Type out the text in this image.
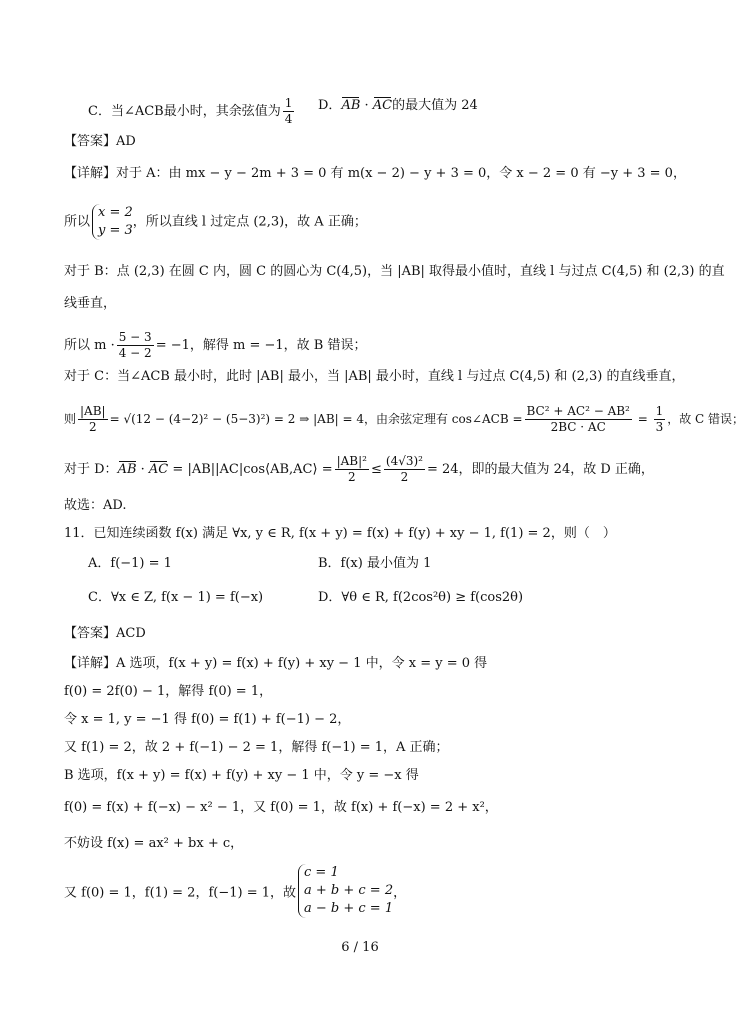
C．当∠ACB最小时，其余弦值为 $\frac{1}{4}$ D．AB · AC的最大值为 24
【答案】AD
【详解】对于 A：由 mx − y − 2m + 3 = 0 有 m(x − 2) − y + 3 = 0，令 x − 2 = 0 有 −y + 3 = 0，
所以
x = 2
y = 3
，所以直线 l 过定点 (2,3)，故 A 正确；
对于 B：点 (2,3) 在圆 C 内，圆 C 的圆心为 C(4,5)，当 |AB| 取得最小值时，直线 l 与过点 C(4,5) 和 (2,3) 的直
线垂直，
所以 $m \cdot \frac{5 - 3}{4 - 2} = -1$，解得 m = −1，故 B 错误；
对于 C：当∠ACB 最小时，此时 |AB| 最小，当 |AB| 最小时，直线 l 与过点 C(4,5) 和 (2,3) 的直线垂直，
则 $\frac{|AB|}{2} = √(12 - (4-2)^2 - (5-3)^2) = 2$ ⇒ |AB| = 4，由余弦定理有 cos∠ACB = $\frac{\text{BC² + AC² − AB²}}{2BC \cdot AC} = \frac{1}{3}$ ，故 C 错误；
对于 D：AB · AC = |AB||AC|cos⟨AB,AC⟩ = $\frac{\text{|AB|²}}{2} \le \frac{\text{(4√3)²}}{2} = 24$，即的最大值为 24，故 D 正确，
故选：AD.
11．已知连续函数 f(x) 满足 ∀x, y ∈ R, f(x + y) = f(x) + f(y) + xy − 1, f(1) = 2，则（　）
A．f(−1) = 1	B．f(x) 最小值为 1
C．∀x ∈ Z, f(x − 1) = f(−x)	D．∀θ ∈ R, f(2cos²θ) ≥ f(cos2θ)
【答案】ACD
【详解】A 选项，f(x + y) = f(x) + f(y) + xy − 1 中，令 x = y = 0 得
f(0) = 2f(0) − 1，解得 f(0) = 1，
令 x = 1, y = −1 得 f(0) = f(1) + f(−1) − 2，
又 f(1) = 2，故 2 + f(−1) − 2 = 1，解得 f(−1) = 1，A 正确；
B 选项，f(x + y) = f(x) + f(y) + xy − 1 中，令 y = −x 得
f(0) = f(x) + f(−x) − x² − 1，又 f(0) = 1，故 f(x) + f(−x) = 2 + x²，
不妨设 f(x) = ax² + bx + c，
又 f(0) = 1，f(1) = 2，f(−1) = 1，故
c = 1
a + b + c = 2
a − b + c = 1
，
6 / 16
